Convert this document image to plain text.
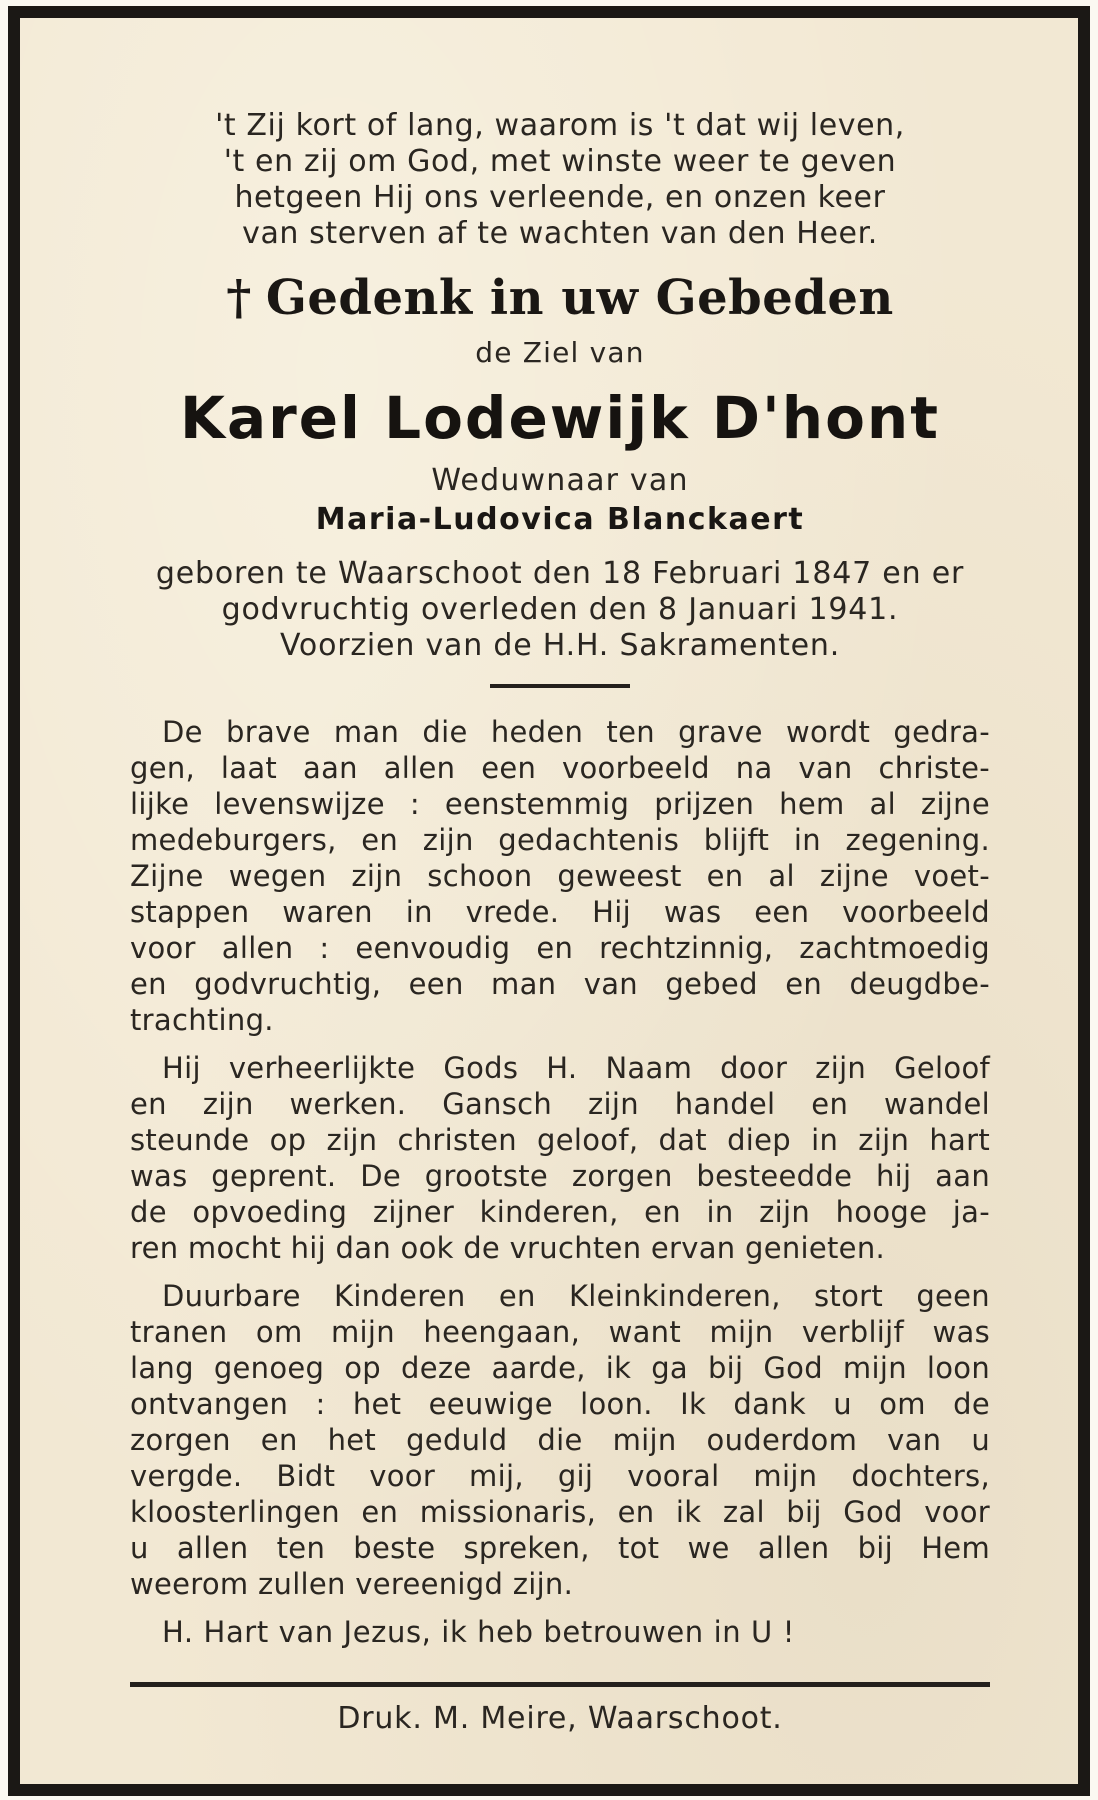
't Zij kort of lang, waarom is 't dat wij leven,

't en zij om God, met winste weer te geven

hetgeen Hij ons verleende, en onzen keer

van sterven af te wachten van den Heer.

† Gedenk in uw Gebeden
de Ziel van
Karel Lodewijk D'hont
Weduwnaar van
Maria-Ludovica Blanckaert

geboren te Waarschoot den 18 Februari 1847 en er

godvruchtig overleden den 8 Januari 1941.

Voorzien van de H.H. Sakramenten.

De brave man die heden ten grave wordt gedra-

gen, laat aan allen een voorbeeld na van christe-

lijke levenswijze : eenstemmig prijzen hem al zijne

medeburgers, en zijn gedachtenis blijft in zegening.

Zijne wegen zijn schoon geweest en al zijne voet-

stappen waren in vrede. Hij was een voorbeeld

voor allen : eenvoudig en rechtzinnig, zachtmoedig

en godvruchtig, een man van gebed en deugdbe-

trachting.

Hij verheerlijkte Gods H. Naam door zijn Geloof

en zijn werken. Gansch zijn handel en wandel

steunde op zijn christen geloof, dat diep in zijn hart

was geprent. De grootste zorgen besteedde hij aan

de opvoeding zijner kinderen, en in zijn hooge ja-

ren mocht hij dan ook de vruchten ervan genieten.

Duurbare Kinderen en Kleinkinderen, stort geen

tranen om mijn heengaan, want mijn verblijf was

lang genoeg op deze aarde, ik ga bij God mijn loon

ontvangen : het eeuwige loon. Ik dank u om de

zorgen en het geduld die mijn ouderdom van u

vergde. Bidt voor mij, gij vooral mijn dochters,

kloosterlingen en missionaris, en ik zal bij God voor

u allen ten beste spreken, tot we allen bij Hem

weerom zullen vereenigd zijn.

H. Hart van Jezus, ik heb betrouwen in U !
Druk. M. Meire, Waarschoot.
